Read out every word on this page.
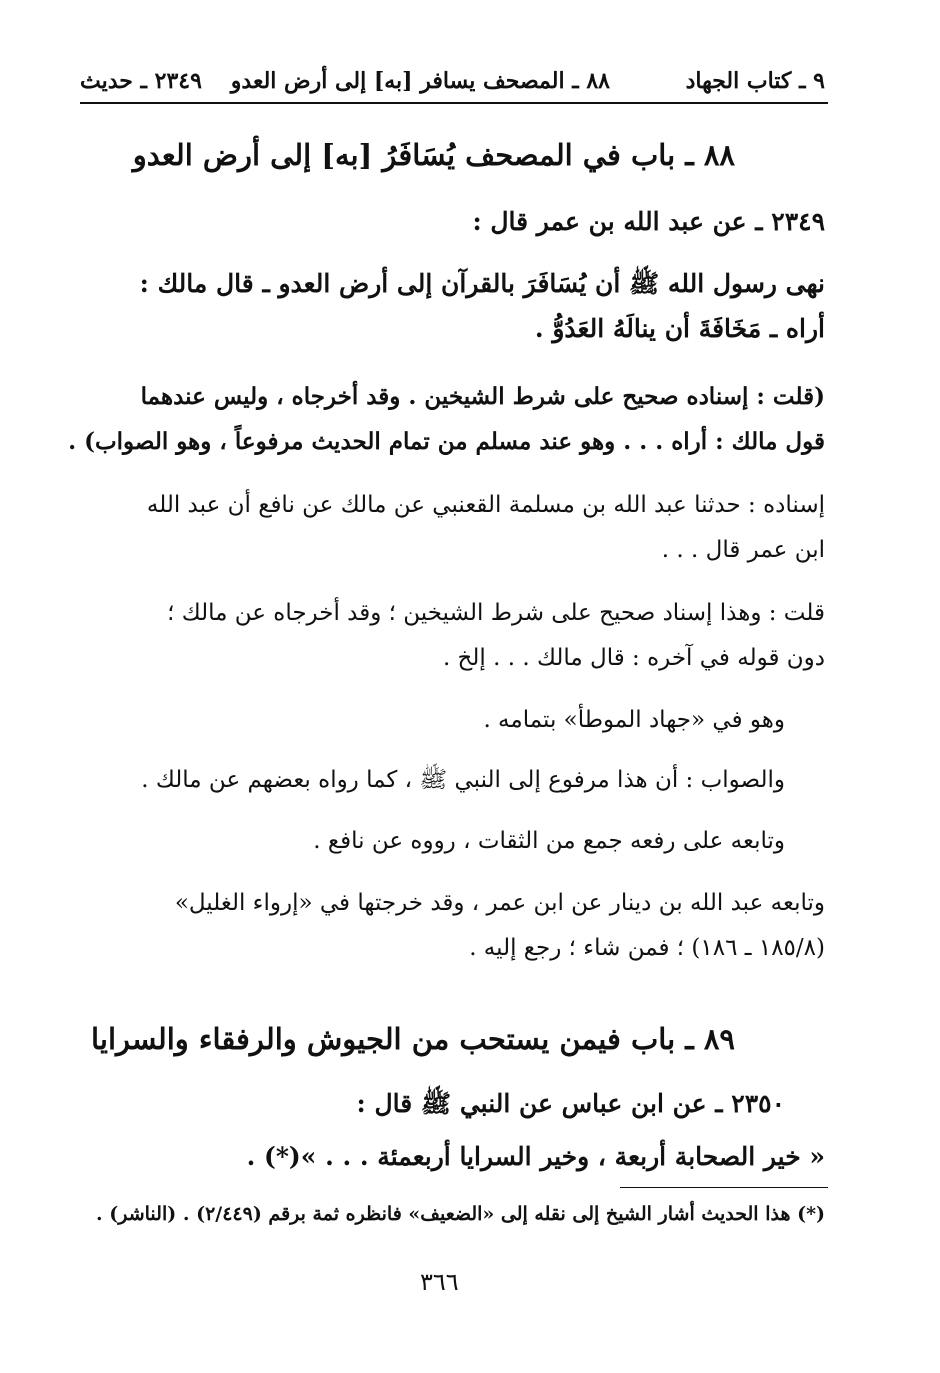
٩ ـ كتاب الجهاد
٨٨ ـ المصحف يسافر [به] إلى أرض العدو
٢٣٤٩ ـ حديث
٨٨ ـ باب في المصحف يُسَافَرُ [به] إلى أرض العدو
٢٣٤٩ ـ عن عبد الله بن عمر قال :
نهى رسول الله ﷺ أن يُسَافَرَ بالقرآن إلى أرض العدو ـ قال مالك :
أراه ـ مَخَافَةَ أن ينالَهُ العَدُوُّ .
(قلت : إسناده صحيح على شرط الشيخين . وقد أخرجاه ، وليس عندهما
قول مالك : أراه . . . وهو عند مسلم من تمام الحديث مرفوعاً ، وهو الصواب) .
إسناده : حدثنا عبد الله بن مسلمة القعنبي عن مالك عن نافع أن عبد الله
ابن عمر قال . . .
قلت : وهذا إسناد صحيح على شرط الشيخين ؛ وقد أخرجاه عن مالك ؛
دون قوله في آخره : قال مالك . . . إلخ .
وهو في «جهاد الموطأ» بتمامه .
والصواب : أن هذا مرفوع إلى النبي ﷺ ، كما رواه بعضهم عن مالك .
وتابعه على رفعه جمع من الثقات ، رووه عن نافع .
وتابعه عبد الله بن دينار عن ابن عمر ، وقد خرجتها في «إرواء الغليل»
(١٨٥/٨ ـ ١٨٦) ؛ فمن شاء ؛ رجع إليه .
٨٩ ـ باب فيمن يستحب من الجيوش والرفقاء والسرايا
٢٣٥٠ ـ عن ابن عباس عن النبي ﷺ قال :
« خير الصحابة أربعة ، وخير السرايا أربعمئة . . . »(*) .
(*) هذا الحديث أشار الشيخ إلى نقله إلى «الضعيف» فانظره ثمة برقم (٢/٤٤٩) . (الناشر) .
٣٦٦
